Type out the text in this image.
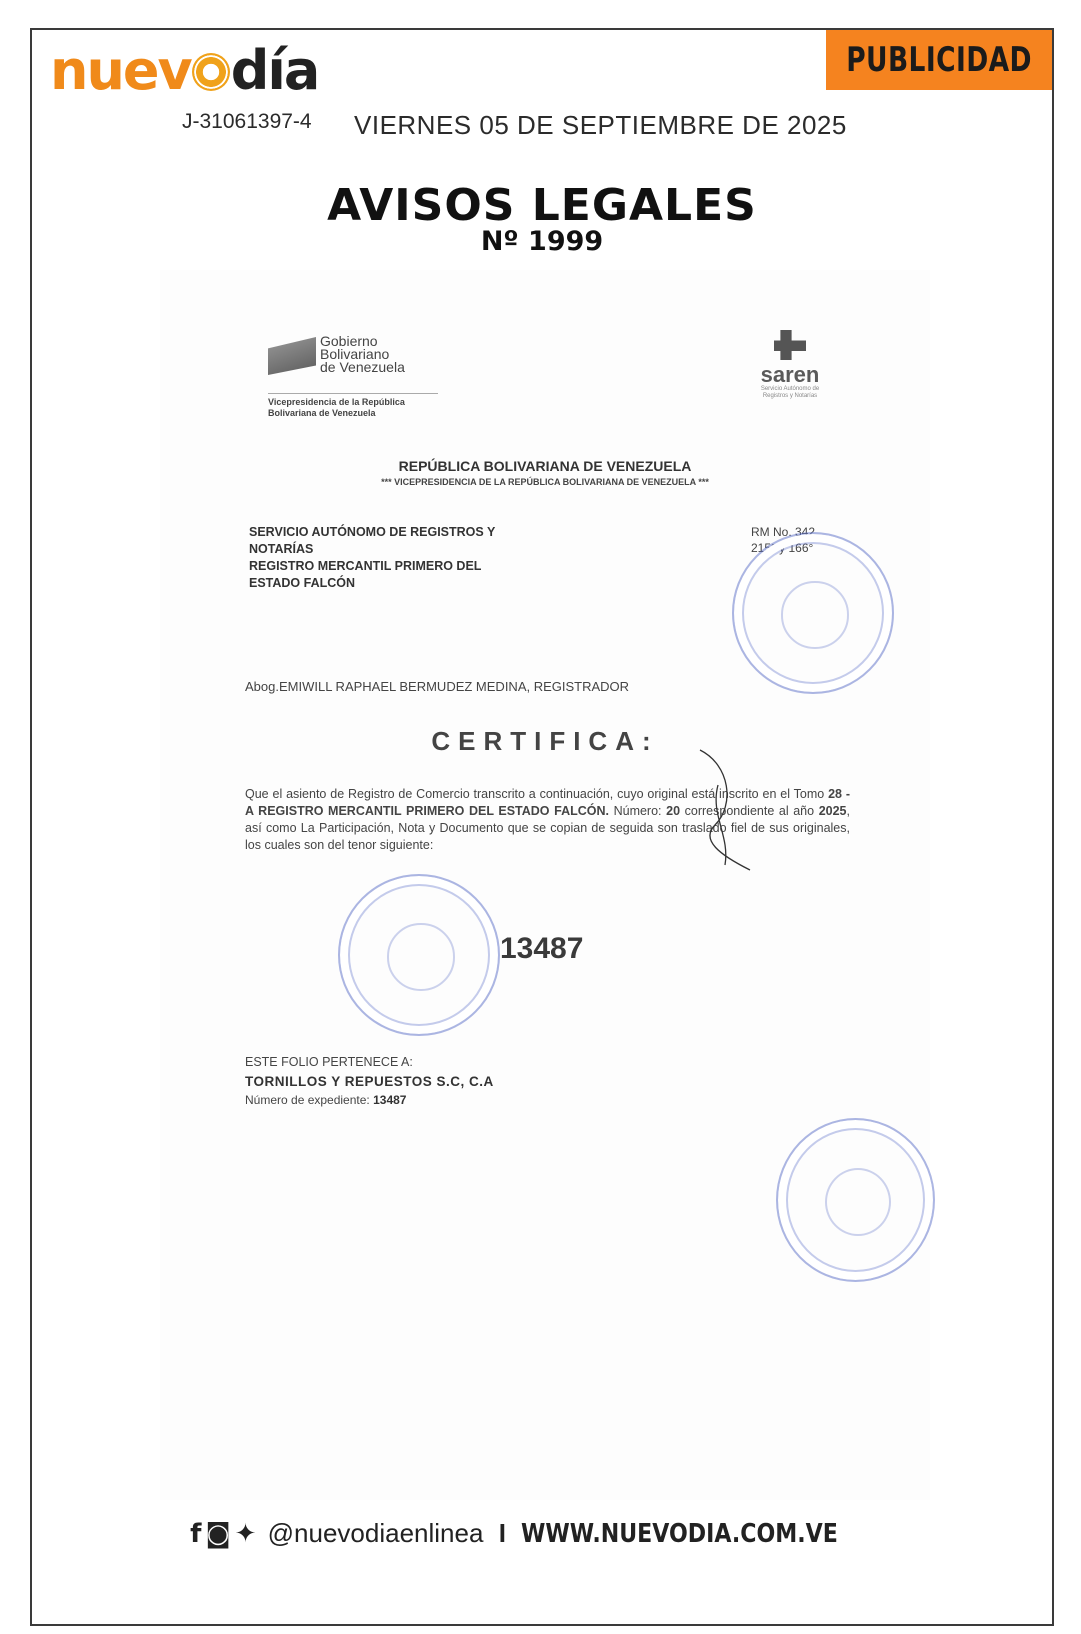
PUBLICIDAD
nuev día
J-31061397-4 VIERNES 05 DE SEPTIEMBRE DE 2025
AVISOS LEGALES
Nº 1999
Gobierno
Bolivariano
de Venezuela
Vicepresidencia de la República Bolivariana de Venezuela
saren
Servicio Autónomo de Registros y Notarías
REPÚBLICA BOLIVARIANA DE VENEZUELA
*** VICEPRESIDENCIA DE LA REPÚBLICA BOLIVARIANA DE VENEZUELA ***
SERVICIO AUTÓNOMO DE REGISTROS Y
NOTARÍAS
REGISTRO MERCANTIL PRIMERO DEL
ESTADO FALCÓN
RM No. 342
215° y 166°
Abog.EMIWILL RAPHAEL BERMUDEZ MEDINA, REGISTRADOR
CERTIFICA:
Que el asiento de Registro de Comercio transcrito a continuación, cuyo original está inscrito en el Tomo 28 - A REGISTRO MERCANTIL PRIMERO DEL ESTADO FALCÓN. Número: 20 correspondiente al año 2025, así como La Participación, Nota y Documento que se copian de seguida son traslado fiel de sus originales, los cuales son del tenor siguiente:
13487
ESTE FOLIO PERTENECE A:
TORNILLOS Y REPUESTOS S.C, C.A
Número de expediente: 13487
f ◙ ✦ @nuevodiaenlinea I WWW.NUEVODIA.COM.VE
